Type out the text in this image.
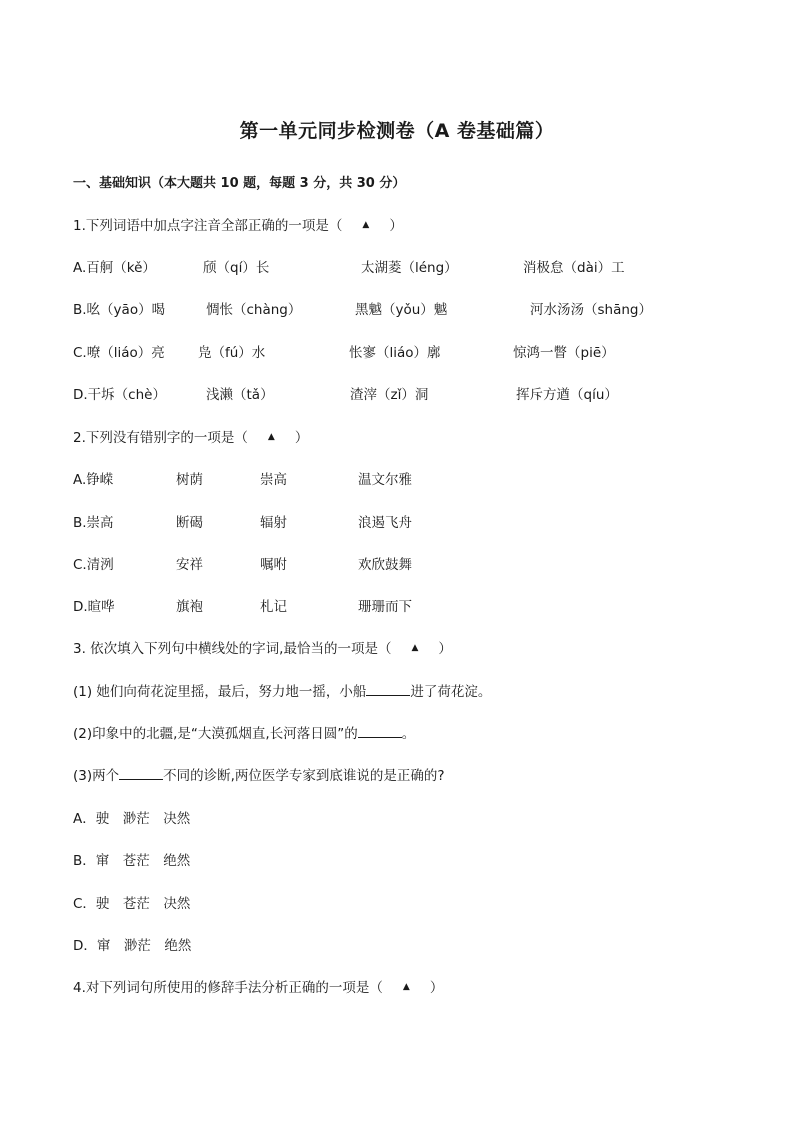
第一单元同步检测卷（A 卷基础篇）
一、基础知识（本大题共 10 题，每题 3 分，共 30 分）
1.下列词语中加点字注音全部正确的一项是（ ▲ ）
A.百舸（kě）	颀（qí）长	太湖菱（léng）	消极怠（dài）工
B.吆（yāo）喝	惆怅（chàng）	黑魆（yǒu）魆	河水汤汤（shāng）
C.嘹（liáo）亮 凫（fú）水	怅寥（liáo）廓	惊鸿一瞥（piē）
D.干坼（chè）	浅濑（tǎ）	渣滓（zǐ）洞	挥斥方遒（qíu）
2.下列没有错别字的一项是（ ▲ ）
A.铮嵘	树荫	崇高	温文尔雅
B.崇高	断碣	辐射	浪遏飞舟
C.清洌	安祥	嘱咐	欢欣鼓舞
D.暄哗	旗袍	札记	珊珊而下
3. 依次填入下列句中横线处的字词,最恰当的一项是（ ▲ ）
(1) 她们向荷花淀里摇，最后，努力地一摇，小船	进了荷花淀。
(2)印象中的北疆,是“大漠孤烟直,长河落日圆”的	。
(3)两个	不同的诊断,两位医学专家到底谁说的是正确的?
A．驶　渺茫　决然
B．窜　苍茫　绝然
C．驶　苍茫　决然
D．窜　渺茫　绝然
4.对下列词句所使用的修辞手法分析正确的一项是（ ▲ ）
